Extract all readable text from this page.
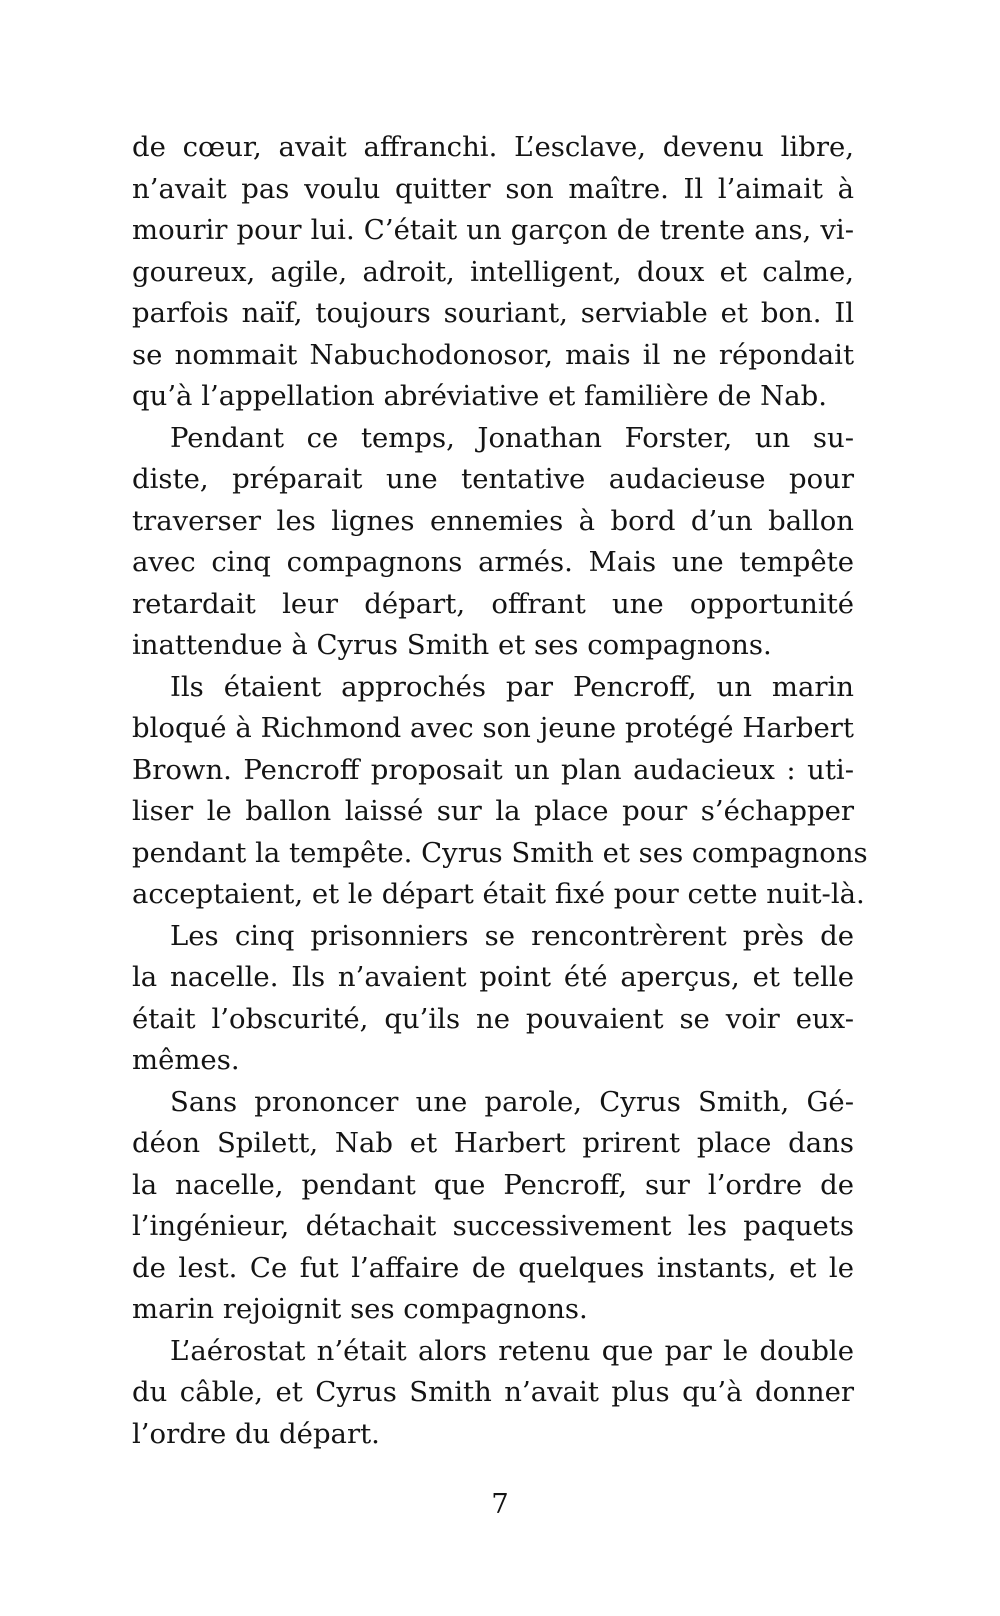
de cœur, avait affranchi. L’esclave, devenu libre,
n’avait pas voulu quitter son maître. Il l’aimait à
mourir pour lui. C’était un garçon de trente ans, vi-
goureux, agile, adroit, intelligent, doux et calme,
parfois naïf, toujours souriant, serviable et bon. Il
se nommait Nabuchodonosor, mais il ne répondait
qu’à l’appellation abréviative et familière de Nab.
Pendant ce temps, Jonathan Forster, un su-
diste, préparait une tentative audacieuse pour
traverser les lignes ennemies à bord d’un ballon
avec cinq compagnons armés. Mais une tempête
retardait leur départ, offrant une opportunité
inattendue à Cyrus Smith et ses compagnons.
Ils étaient approchés par Pencroff, un marin
bloqué à Richmond avec son jeune protégé Harbert
Brown. Pencroff proposait un plan audacieux : uti-
liser le ballon laissé sur la place pour s’échapper
pendant la tempête. Cyrus Smith et ses compagnons
acceptaient, et le départ était fixé pour cette nuit-là.
Les cinq prisonniers se rencontrèrent près de
la nacelle. Ils n’avaient point été aperçus, et telle
était l’obscurité, qu’ils ne pouvaient se voir eux-
mêmes.
Sans prononcer une parole, Cyrus Smith, Gé-
déon Spilett, Nab et Harbert prirent place dans
la nacelle, pendant que Pencroff, sur l’ordre de
l’ingénieur, détachait successivement les paquets
de lest. Ce fut l’affaire de quelques instants, et le
marin rejoignit ses compagnons.
L’aérostat n’était alors retenu que par le double
du câble, et Cyrus Smith n’avait plus qu’à donner
l’ordre du départ.
7
